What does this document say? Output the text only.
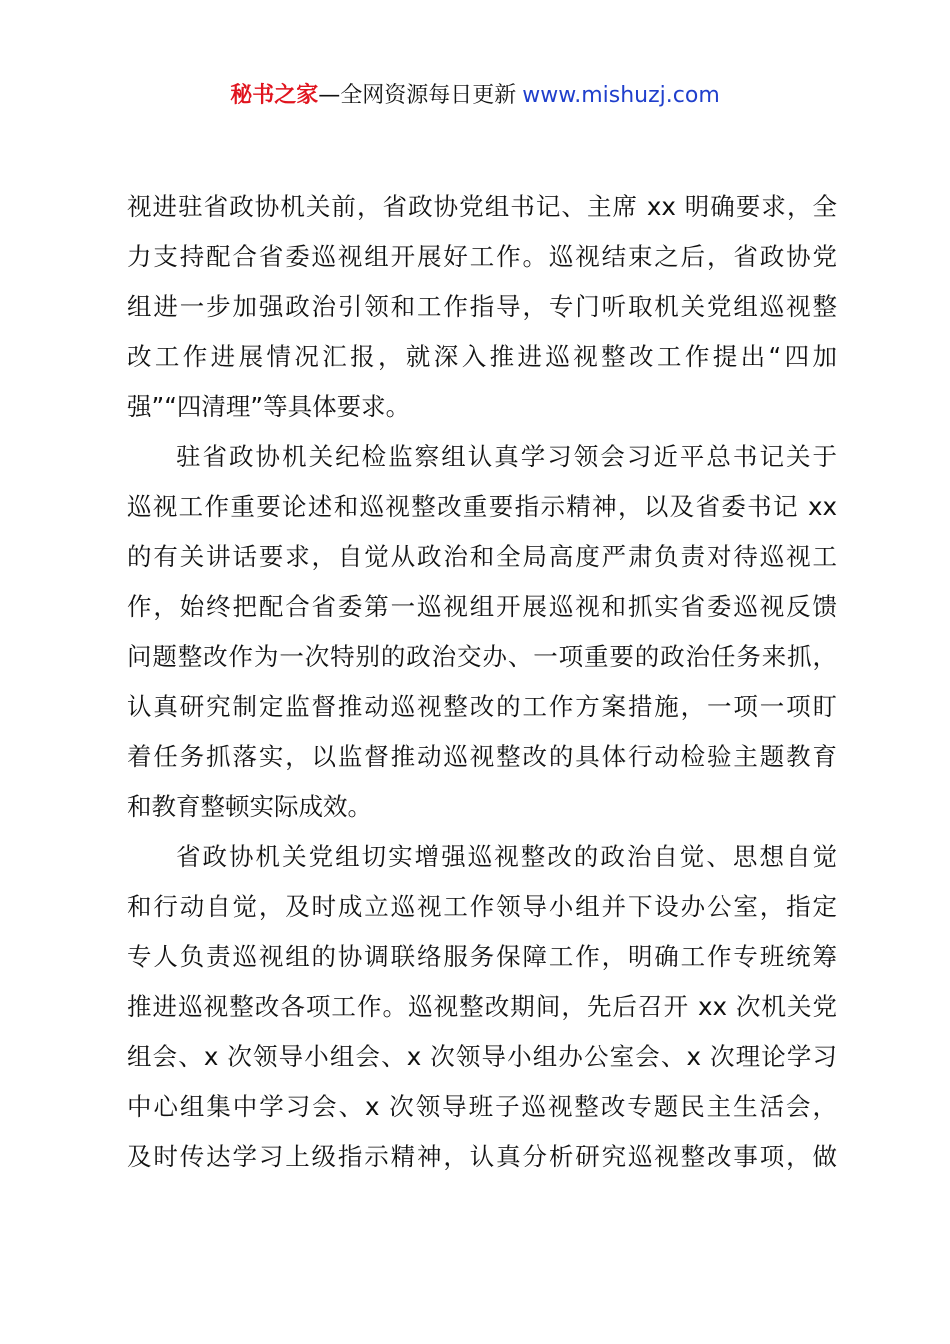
秘书之家—全网资源每日更新 www.mishuzj.com
视进驻省政协机关前，省政协党组书记、主席 xx 明确要求，全
力支持配合省委巡视组开展好工作。巡视结束之后，省政协党
组进一步加强政治引领和工作指导，专门听取机关党组巡视整
改工作进展情况汇报，就深入推进巡视整改工作提出“四加
强”“四清理”等具体要求。
驻省政协机关纪检监察组认真学习领会习近平总书记关于
巡视工作重要论述和巡视整改重要指示精神，以及省委书记 xx
的有关讲话要求，自觉从政治和全局高度严肃负责对待巡视工
作，始终把配合省委第一巡视组开展巡视和抓实省委巡视反馈
问题整改作为一次特别的政治交办、一项重要的政治任务来抓，
认真研究制定监督推动巡视整改的工作方案措施，一项一项盯
着任务抓落实，以监督推动巡视整改的具体行动检验主题教育
和教育整顿实际成效。
省政协机关党组切实增强巡视整改的政治自觉、思想自觉
和行动自觉，及时成立巡视工作领导小组并下设办公室，指定
专人负责巡视组的协调联络服务保障工作，明确工作专班统筹
推进巡视整改各项工作。巡视整改期间，先后召开 xx 次机关党
组会、x 次领导小组会、x 次领导小组办公室会、x 次理论学习
中心组集中学习会、x 次领导班子巡视整改专题民主生活会，
及时传达学习上级指示精神，认真分析研究巡视整改事项，做
